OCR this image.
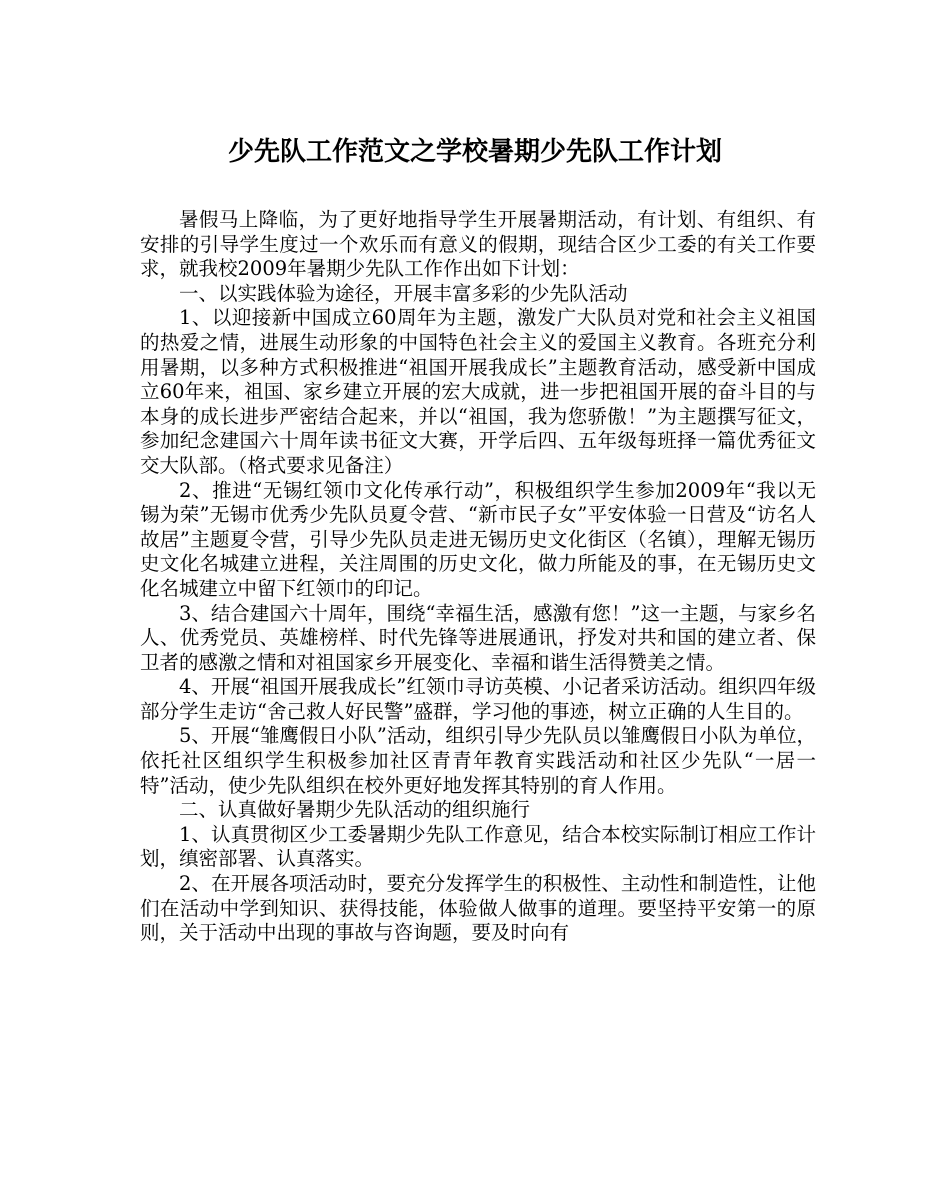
少先队工作范文之学校暑期少先队工作计划

暑假马上降临，为了更好地指导学生开展暑期活动，有计划、有组织、有安排的引导学生度过一个欢乐而有意义的假期，现结合区少工委的有关工作要求，就我校2009年暑期少先队工作作出如下计划：

一、以实践体验为途径，开展丰富多彩的少先队活动

1、以迎接新中国成立60周年为主题，激发广大队员对党和社会主义祖国的热爱之情，进展生动形象的中国特色社会主义的爱国主义教育。各班充分利用暑期，以多种方式积极推进“祖国开展我成长”主题教育活动，感受新中国成立60年来，祖国、家乡建立开展的宏大成就，进一步把祖国开展的奋斗目的与本身的成长进步严密结合起来，并以“祖国，我为您骄傲！”为主题撰写征文，参加纪念建国六十周年读书征文大赛，开学后四、五年级每班择一篇优秀征文交大队部。（格式要求见备注）

2、推进“无锡红领巾文化传承行动”，积极组织学生参加2009年“我以无锡为荣”无锡市优秀少先队员夏令营、“新市民子女”平安体验一日营及“访名人故居”主题夏令营，引导少先队员走进无锡历史文化街区（名镇），理解无锡历史文化名城建立进程，关注周围的历史文化，做力所能及的事，在无锡历史文化名城建立中留下红领巾的印记。

3、结合建国六十周年，围绕“幸福生活，感激有您！”这一主题，与家乡名人、优秀党员、英雄榜样、时代先锋等进展通讯，抒发对共和国的建立者、保卫者的感激之情和对祖国家乡开展变化、幸福和谐生活得赞美之情。

4、开展“祖国开展我成长”红领巾寻访英模、小记者采访活动。组织四年级部分学生走访“舍己救人好民警”盛群，学习他的事迹，树立正确的人生目的。

5、开展“雏鹰假日小队”活动，组织引导少先队员以雏鹰假日小队为单位，依托社区组织学生积极参加社区青青年教育实践活动和社区少先队“一居一特”活动，使少先队组织在校外更好地发挥其特别的育人作用。

二、认真做好暑期少先队活动的组织施行

1、认真贯彻区少工委暑期少先队工作意见，结合本校实际制订相应工作计划，缜密部署、认真落实。

2、在开展各项活动时，要充分发挥学生的积极性、主动性和制造性，让他们在活动中学到知识、获得技能，体验做人做事的道理。要坚持平安第一的原则，关于活动中出现的事故与咨询题，要及时向有
